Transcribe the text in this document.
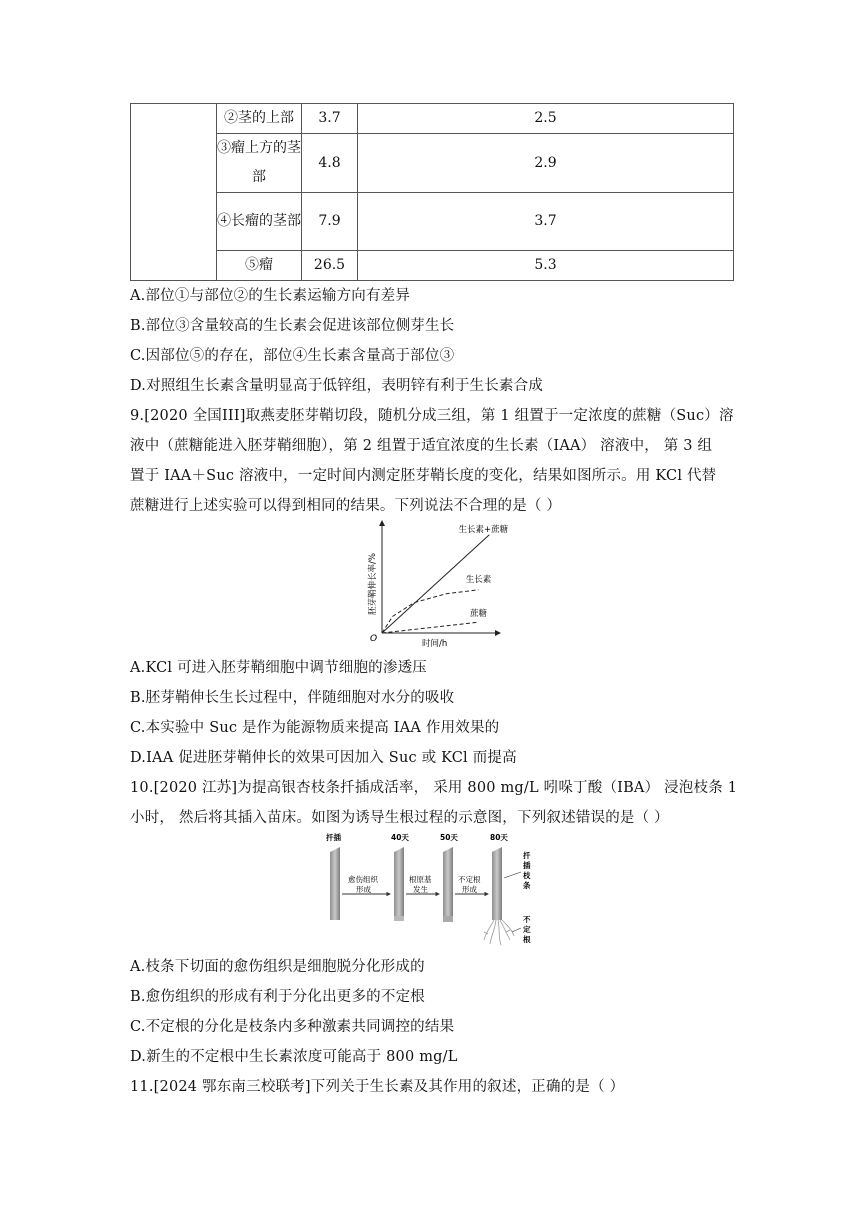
	②茎的上部	3.7	2.5
	③瘤上方的茎部	4.8	2.9
	④长瘤的茎部	7.9	3.7
	⑤瘤	26.5	5.3
A.部位①与部位②的生长素运输方向有差异
B.部位③含量较高的生长素会促进该部位侧芽生长
C.因部位⑤的存在，部位④生长素含量高于部位③
D.对照组生长素含量明显高于低锌组，表明锌有利于生长素合成
9.[2020 全国III]取燕麦胚芽鞘切段，随机分成三组，第 1 组置于一定浓度的蔗糖（Suc）溶
液中（蔗糖能进入胚芽鞘细胞），第 2 组置于适宜浓度的生长素（IAA） 溶液中， 第 3 组
置于 IAA＋Suc 溶液中，一定时间内测定胚芽鞘长度的变化，结果如图所示。用 KCl 代替
蔗糖进行上述实验可以得到相同的结果。下列说法不合理的是（ ）
O	时间/h
胚芽鞘伸长率/%
生长素+蔗糖
生长素
蔗糖
A.KCl 可进入胚芽鞘细胞中调节细胞的渗透压
B.胚芽鞘伸长生长过程中，伴随细胞对水分的吸收
C.本实验中 Suc 是作为能源物质来提高 IAA 作用效果的
D.IAA 促进胚芽鞘伸长的效果可因加入 Suc 或 KCl 而提高
10.[2020 江苏]为提高银杏枝条扦插成活率， 采用 800 mg/L 吲哚丁酸（IBA） 浸泡枝条 1
小时， 然后将其插入苗床。如图为诱导生根过程的示意图，下列叙述错误的是（ ）
扦插	40天	50天	80天
愈伤组织
形成
根原基
发生
不定根
形成
扦
插
枝
条
不
定
根
A.枝条下切面的愈伤组织是细胞脱分化形成的
B.愈伤组织的形成有利于分化出更多的不定根
C.不定根的分化是枝条内多种激素共同调控的结果
D.新生的不定根中生长素浓度可能高于 800 mg/L
11.[2024 鄂东南三校联考]下列关于生长素及其作用的叙述，正确的是（ ）
